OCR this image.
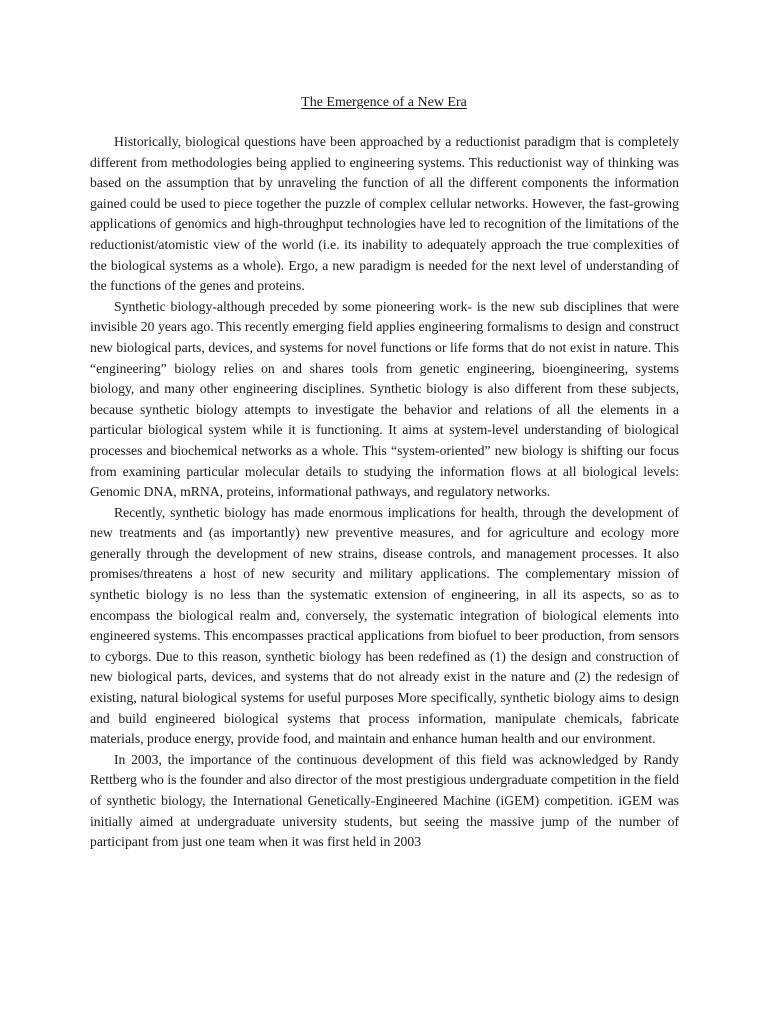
The Emergence of a New Era

Historically, biological questions have been approached by a reductionist paradigm that is completely different from methodologies being applied to engineering systems. This reductionist way of thinking was based on the assumption that by unraveling the function of all the different components the information gained could be used to piece together the puzzle of complex cellular networks. However, the fast-growing applications of genomics and high-throughput technologies have led to recognition of the limitations of the reductionist/atomistic view of the world (i.e. its inability to adequately approach the true complexities of the biological systems as a whole). Ergo, a new paradigm is needed for the next level of understanding of the functions of the genes and proteins.

Synthetic biology-although preceded by some pioneering work- is the new sub disciplines that were invisible 20 years ago. This recently emerging field applies engineering formalisms to design and construct new biological parts, devices, and systems for novel functions or life forms that do not exist in nature. This “engineering” biology relies on and shares tools from genetic engineering, bioengineering, systems biology, and many other engineering disciplines. Synthetic biology is also different from these subjects, because synthetic biology attempts to investigate the behavior and relations of all the elements in a particular biological system while it is functioning. It aims at system-level understanding of biological processes and biochemical networks as a whole. This “system-oriented” new biology is shifting our focus from examining particular molecular details to studying the information flows at all biological levels: Genomic DNA, mRNA, proteins, informational pathways, and regulatory networks.

Recently, synthetic biology has made enormous implications for health, through the development of new treatments and (as importantly) new preventive measures, and for agriculture and ecology more generally through the development of new strains, disease controls, and management processes. It also promises/threatens a host of new security and military applications. The complementary mission of synthetic biology is no less than the systematic extension of engineering, in all its aspects, so as to encompass the biological realm and, conversely, the systematic integration of biological elements into engineered systems. This encompasses practical applications from biofuel to beer production, from sensors to cyborgs. Due to this reason, synthetic biology has been redefined as (1) the design and construction of new biological parts, devices, and systems that do not already exist in the nature and (2) the redesign of existing, natural biological systems for useful purposes More specifically, synthetic biology aims to design and build engineered biological systems that process information, manipulate chemicals, fabricate materials, produce energy, provide food, and maintain and enhance human health and our environment.

In 2003, the importance of the continuous development of this field was acknowledged by Randy Rettberg who is the founder and also director of the most prestigious undergraduate competition in the field of synthetic biology, the International Genetically-Engineered Machine (iGEM) competition. iGEM was initially aimed at undergraduate university students, but seeing the massive jump of the number of participant from just one team when it was first held in 2003
